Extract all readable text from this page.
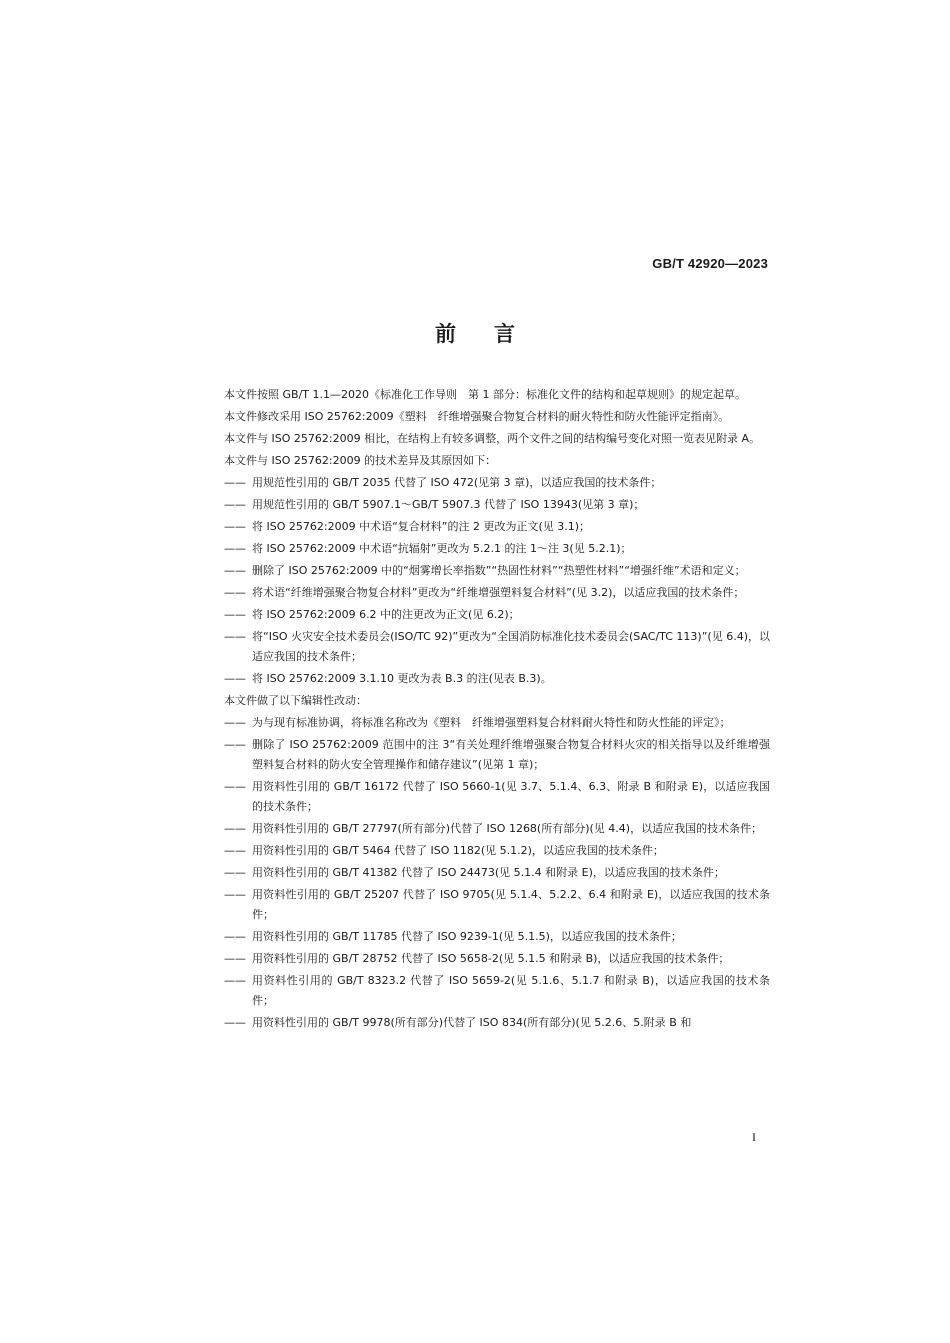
GB/T 42920—2023
前言

本文件按照 GB/T 1.1—2020《标准化工作导则　第 1 部分：标准化文件的结构和起草规则》的规定起草。

本文件修改采用 ISO 25762:2009《塑料　纤维增强聚合物复合材料的耐火特性和防火性能评定指南》。

本文件与 ISO 25762:2009 相比，在结构上有较多调整，两个文件之间的结构编号变化对照一览表见附录 A。

本文件与 ISO 25762:2009 的技术差异及其原因如下：

—— 用规范性引用的 GB/T 2035 代替了 ISO 472(见第 3 章)，以适应我国的技术条件；
—— 用规范性引用的 GB/T 5907.1～GB/T 5907.3 代替了 ISO 13943(见第 3 章)；
—— 将 ISO 25762:2009 中术语“复合材料”的注 2 更改为正文(见 3.1)；
—— 将 ISO 25762:2009 中术语“抗辐射”更改为 5.2.1 的注 1～注 3(见 5.2.1)；
—— 删除了 ISO 25762:2009 中的“烟雾增长率指数”“热固性材料”“热塑性材料”“增强纤维”术语和定义；
—— 将术语“纤维增强聚合物复合材料”更改为“纤维增强塑料复合材料”(见 3.2)，以适应我国的技术条件；
—— 将 ISO 25762:2009 6.2 中的注更改为正文(见 6.2)；
—— 将“ISO 火灾安全技术委员会(ISO/TC 92)”更改为“全国消防标准化技术委员会(SAC/TC 113)”(见 6.4)，以适应我国的技术条件；
—— 将 ISO 25762:2009 3.1.10 更改为表 B.3 的注(见表 B.3)。

本文件做了以下编辑性改动：

—— 为与现有标准协调，将标准名称改为《塑料　纤维增强塑料复合材料耐火特性和防火性能的评定》；
—— 删除了 ISO 25762:2009 范围中的注 3“有关处理纤维增强聚合物复合材料火灾的相关指导以及纤维增强塑料复合材料的防火安全管理操作和储存建议”(见第 1 章)；
—— 用资料性引用的 GB/T 16172 代替了 ISO 5660-1(见 3.7、5.1.4、6.3、附录 B 和附录 E)，以适应我国的技术条件；
—— 用资料性引用的 GB/T 27797(所有部分)代替了 ISO 1268(所有部分)(见 4.4)，以适应我国的技术条件；
—— 用资料性引用的 GB/T 5464 代替了 ISO 1182(见 5.1.2)，以适应我国的技术条件；
—— 用资料性引用的 GB/T 41382 代替了 ISO 24473(见 5.1.4 和附录 E)，以适应我国的技术条件；
—— 用资料性引用的 GB/T 25207 代替了 ISO 9705(见 5.1.4、5.2.2、6.4 和附录 E)，以适应我国的技术条件；
—— 用资料性引用的 GB/T 11785 代替了 ISO 9239-1(见 5.1.5)，以适应我国的技术条件；
—— 用资料性引用的 GB/T 28752 代替了 ISO 5658-2(见 5.1.5 和附录 B)，以适应我国的技术条件；
—— 用资料性引用的 GB/T 8323.2 代替了 ISO 5659-2(见 5.1.6、5.1.7 和附录 B)，以适应我国的技术条件；
—— 用资料性引用的 GB/T 9978(所有部分)代替了 ISO 834(所有部分)(见 5.2.6、5.附录 B 和
I
